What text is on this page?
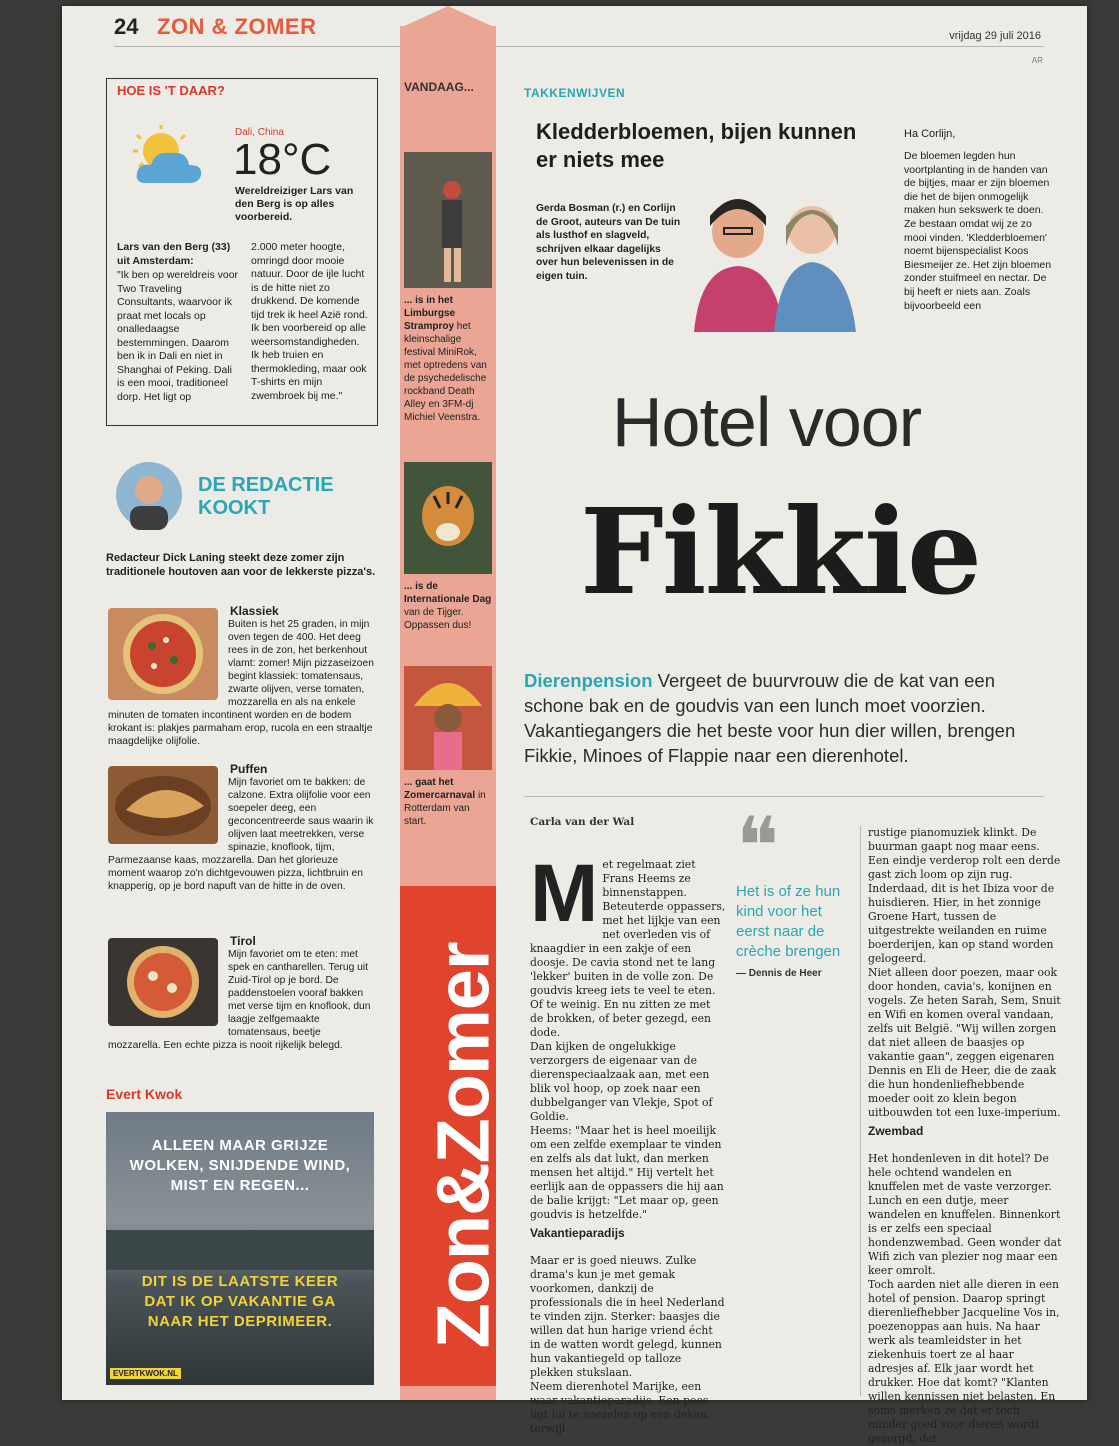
24 ZON & ZOMER	vrijdag 29 juli 2016
AR
HOE IS 'T DAAR?
Dali, China
18°C
Wereldreiziger Lars van den Berg is op alles voorbereid.
Lars van den Berg (33) uit Amsterdam:
"Ik ben op wereldreis voor Two Traveling Consultants, waarvoor ik praat met locals op onalledaagse bestemmingen. Daarom ben ik in Dali en niet in Shanghai of Peking. Dali is een mooi, traditioneel dorp. Het ligt op
2.000 meter hoogte, omringd door mooie natuur. Door de ijle lucht is de hitte niet zo drukkend. De komende tijd trek ik heel Azië rond. Ik ben voorbereid op alle weersomstandigheden. Ik heb truien en thermokleding, maar ook T-shirts en mijn zwembroek bij me."
DE REDACTIE
KOOKT
Redacteur Dick Laning steekt deze zomer zijn traditionele houtoven aan voor de lekkerste pizza's.
Klassiek
Buiten is het 25 graden, in mijn oven tegen de 400. Het deeg rees in de zon, het berkenhout vlamt: zomer! Mijn pizzaseizoen begint klassiek: tomatensaus, zwarte olijven, verse tomaten, mozzarella en als na enkele minuten de tomaten incontinent worden en de bodem krokant is: plakjes parmaham erop, rucola en een straaltje maagdelijke olijfolie.
Puffen
Mijn favoriet om te bakken: de calzone. Extra olijfolie voor een soepeler deeg, een geconcentreerde saus waarin ik olijven laat meetrekken, verse spinazie, knoflook, tijm, Parmezaanse kaas, mozzarella. Dan het glorieuze moment waarop zo'n dichtgevouwen pizza, lichtbruin en knapperig, op je bord napuft van de hitte in de oven.
Tirol
Mijn favoriet om te eten: met spek en cantharellen. Terug uit Zuid-Tirol op je bord. De paddenstoelen vooraf bakken met verse tijm en knoflook, dun laagje zelfgemaakte tomatensaus, beetje mozzarella. Een echte pizza is nooit rijkelijk belegd.
Evert Kwok
ALLEEN MAAR GRIJZE WOLKEN, SNIJDENDE WIND, MIST EN REGEN...
DIT IS DE LAATSTE KEER DAT IK OP VAKANTIE GA NAAR HET DEPRIMEER.
EVERTKWOK.NL
VANDAAG...
... is in het Limburgse Stramproy het kleinschalige festival MiniRok, met optredens van de psychedelische rockband Death Alley en 3FM-dj Michiel Veenstra.
... is de Internationale Dag van de Tijger. Oppassen dus!
... gaat het Zomercarnaval in Rotterdam van start.
Zon&Zomer
TAKKENWIJVEN
Kledderbloemen, bijen kunnen er niets mee
Gerda Bosman (r.) en Corlijn de Groot, auteurs van De tuin als lusthof en slagveld, schrijven elkaar dagelijks over hun belevenissen in de eigen tuin.
Ha Corlijn,
De bloemen legden hun voortplanting in de handen van de bijtjes, maar er zijn bloemen die het de bijen onmogelijk maken hun sekswerk te doen. Ze bestaan omdat wij ze zo mooi vinden. 'Kledderbloemen' noemt bijenspecialist Koos Biesmeijer ze. Het zijn bloemen zonder stuifmeel en nectar. De bij heeft er niets aan. Zoals bijvoorbeeld een
Hotel voor
Fikkie
Dierenpension Vergeet de buurvrouw die de kat van een schone bak en de goudvis van een lunch moet voorzien. Vakantiegangers die het beste voor hun dier willen, brengen Fikkie, Minoes of Flappie naar een dierenhotel.
Carla van der Wal

Met regelmaat ziet Frans Heems ze binnenstappen. Beteuterde oppassers, met het lijkje van een net overleden vis of knaagdier in een zakje of een doosje. De cavia stond net te lang 'lekker' buiten in de volle zon. De goudvis kreeg iets te veel te eten. Of te weinig. En nu zitten ze met de brokken, of beter gezegd, een dode.
Dan kijken de ongelukkige verzorgers de eigenaar van de dierenspeciaalzaak aan, met een blik vol hoop, op zoek naar een dubbelganger van Vlekje, Spot of Goldie.
Heems: "Maar het is heel moeilijk om een zelfde exemplaar te vinden en zelfs als dat lukt, dan merken mensen het altijd." Hij vertelt het eerlijk aan de oppassers die hij aan de balie krijgt: "Let maar op, geen goudvis is hetzelfde."

Vakantieparadijs

Maar er is goed nieuws. Zulke drama's kun je met gemak voorkomen, dankzij de professionals die in heel Nederland te vinden zijn. Sterker: baasjes die willen dat hun harige vriend écht in de watten wordt gelegd, kunnen hun vakantiegeld op talloze plekken stukslaan.
Neem dierenhotel Marijke, een waar vakantieparadijs. Een poes ligt lui te soezelen op een deken, terwijl

❝
Het is of ze hun kind voor het eerst naar de crèche brengen
— Dennis de Heer

rustige pianomuziek klinkt. De buurman gaapt nog maar eens. Een eindje verderop rolt een derde gast zich loom op zijn rug. Inderdaad, dit is het Ibiza voor de huisdieren. Hier, in het zonnige Groene Hart, tussen de uitgestrekte weilanden en ruime boerderijen, kan op stand worden gelogeerd.
Niet alleen door poezen, maar ook door honden, cavia's, konijnen en vogels. Ze heten Sarah, Sem, Snuit en Wifi en komen overal vandaan, zelfs uit België. "Wij willen zorgen dat niet alleen de baasjes op vakantie gaan", zeggen eigenaren Dennis en Eli de Heer, die de zaak die hun hondenliefhebbende moeder ooit zo klein begon uitbouwden tot een luxe-imperium.

Zwembad

Het hondenleven in dit hotel? De hele ochtend wandelen en knuffelen met de vaste verzorger. Lunch en een dutje, meer wandelen en knuffelen. Binnenkort is er zelfs een speciaal hondenzwembad. Geen wonder dat Wifi zich van plezier nog maar een keer omrolt.
Toch aarden niet alle dieren in een hotel of pension. Daarop springt dierenliefhebber Jacqueline Vos in, poezenoppas aan huis. Na haar werk als teamleidster in het ziekenhuis toert ze al haar adresjes af. Elk jaar wordt het drukker. Hoe dat komt? "Klanten willen kennissen niet belasten. En soms merken ze dat er toch minder goed voor dieren wordt gezorgd, dat
